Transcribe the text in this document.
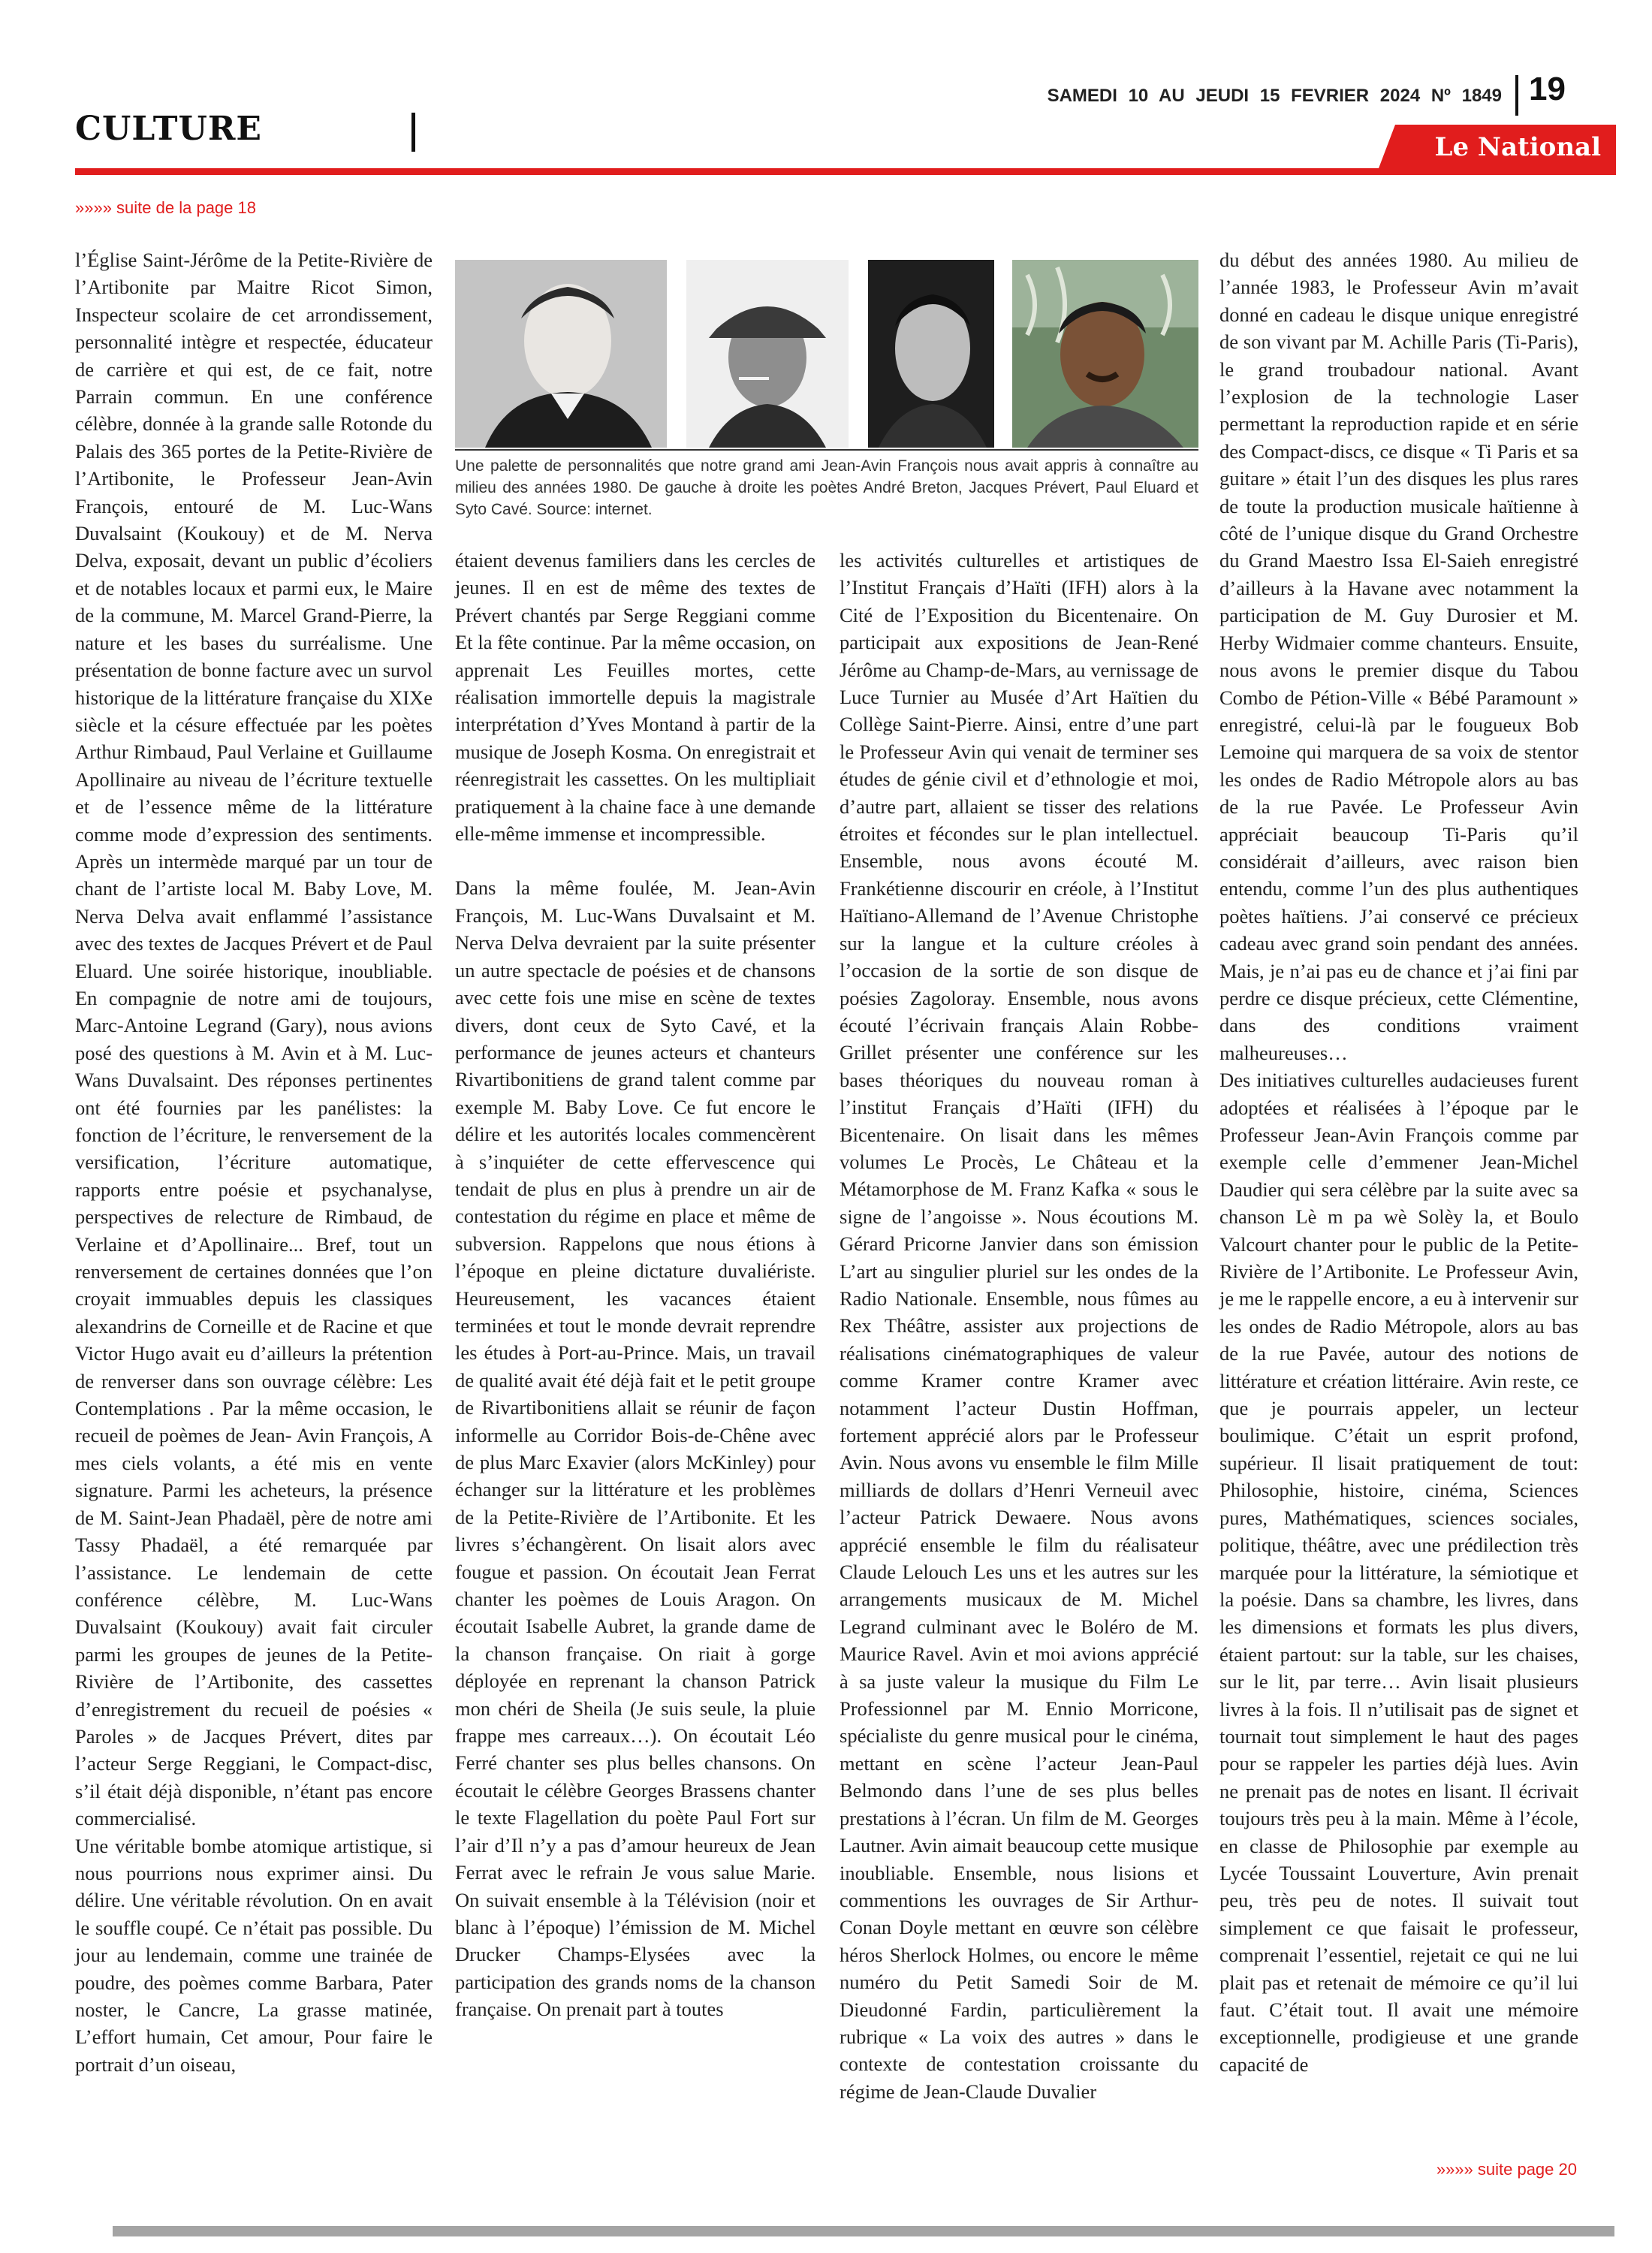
CULTURE
SAMEDI 10 AU JEUDI 15 FEVRIER 2024 Nº 1849 19
Le National
»»»» suite de la page 18

l’Église Saint-Jérôme de la Petite-Rivière de l’Artibonite par Maitre Ricot Simon, Inspecteur scolaire de cet arrondissement, personnalité intègre et respectée, éducateur de carrière et qui est, de ce fait, notre Parrain commun. En une conférence célèbre, donnée à la grande salle Rotonde du Palais des 365 portes de la Petite-Rivière de l’Artibonite, le Professeur Jean-Avin François, entouré de M. Luc-Wans Duvalsaint (Koukouy) et de M. Nerva Delva, exposait, devant un public d’écoliers et de notables locaux et parmi eux, le Maire de la commune, M. Marcel Grand-Pierre, la nature et les bases du surréalisme. Une présentation de bonne facture avec un survol historique de la littérature française du XIXe siècle et la césure effectuée par les poètes Arthur Rimbaud, Paul Verlaine et Guillaume Apollinaire au niveau de l’écriture textuelle et de l’essence même de la littérature comme mode d’expression des sentiments. Après un intermède marqué par un tour de chant de l’artiste local M. Baby Love, M. Nerva Delva avait enflammé l’assistance avec des textes de Jacques Prévert et de Paul Eluard. Une soirée historique, inoubliable. En compagnie de notre ami de toujours, Marc-Antoine Legrand (Gary), nous avions posé des questions à M. Avin et à M. Luc-Wans Duvalsaint. Des réponses pertinentes ont été fournies par les panélistes: la fonction de l’écriture, le renversement de la versification, l’écriture automatique, rapports entre poésie et psychanalyse, perspectives de relecture de Rimbaud, de Verlaine et d’Apollinaire... Bref, tout un renversement de certaines données que l’on croyait immuables depuis les classiques alexandrins de Corneille et de Racine et que Victor Hugo avait eu d’ailleurs la prétention de renverser dans son ouvrage célèbre: Les Contemplations . Par la même occasion, le recueil de poèmes de Jean- Avin François, A mes ciels volants, a été mis en vente signature. Parmi les acheteurs, la présence de M. Saint-Jean Phadaël, père de notre ami Tassy Phadaël, a été remarquée par l’assistance. Le lendemain de cette conférence célèbre, M. Luc-Wans Duvalsaint (Koukouy) avait fait circuler parmi les groupes de jeunes de la Petite-Rivière de l’Artibonite, des cassettes d’enregistrement du recueil de poésies « Paroles » de Jacques Prévert, dites par l’acteur Serge Reggiani, le Compact-disc, s’il était déjà disponible, n’étant pas encore commercialisé.

Une véritable bombe atomique artistique, si nous pourrions nous exprimer ainsi. Du délire. Une véritable révolution. On en avait le souffle coupé. Ce n’était pas possible. Du jour au lendemain, comme une trainée de poudre, des poèmes comme Barbara, Pater noster, le Cancre, La grasse matinée, L’effort humain, Cet amour, Pour faire le portrait d’un oiseau,

Une palette de personnalités que notre grand ami Jean-Avin François nous avait appris à connaître au milieu des années 1980. De gauche à droite les poètes André Breton, Jacques Prévert, Paul Eluard et Syto Cavé. Source: internet.

étaient devenus familiers dans les cercles de jeunes. Il en est de même des textes de Prévert chantés par Serge Reggiani comme Et la fête continue. Par la même occasion, on apprenait Les Feuilles mortes, cette réalisation immortelle depuis la magistrale interprétation d’Yves Montand à partir de la musique de Joseph Kosma. On enregistrait et réenregistrait les cassettes. On les multipliait pratiquement à la chaine face à une demande elle-même immense et incompressible.

Dans la même foulée, M. Jean-Avin François, M. Luc-Wans Duvalsaint et M. Nerva Delva devraient par la suite présenter un autre spectacle de poésies et de chansons avec cette fois une mise en scène de textes divers, dont ceux de Syto Cavé, et la performance de jeunes acteurs et chanteurs Rivartibonitiens de grand talent comme par exemple M. Baby Love. Ce fut encore le délire et les autorités locales commencèrent à s’inquiéter de cette effervescence qui tendait de plus en plus à prendre un air de contestation du régime en place et même de subversion. Rappelons que nous étions à l’époque en pleine dictature duvaliériste. Heureusement, les vacances étaient terminées et tout le monde devrait reprendre les études à Port-au-Prince. Mais, un travail de qualité avait été déjà fait et le petit groupe de Rivartibonitiens allait se réunir de façon informelle au Corridor Bois-de-Chêne avec de plus Marc Exavier (alors McKinley) pour échanger sur la littérature et les problèmes de la Petite-Rivière de l’Artibonite. Et les livres s’échangèrent. On lisait alors avec fougue et passion. On écoutait Jean Ferrat chanter les poèmes de Louis Aragon. On écoutait Isabelle Aubret, la grande dame de la chanson française. On riait à gorge déployée en reprenant la chanson Patrick mon chéri de Sheila (Je suis seule, la pluie frappe mes carreaux…). On écoutait Léo Ferré chanter ses plus belles chansons. On écoutait le célèbre Georges Brassens chanter le texte Flagellation du poète Paul Fort sur l’air d’Il n’y a pas d’amour heureux de Jean Ferrat avec le refrain Je vous salue Marie. On suivait ensemble à la Télévision (noir et blanc à l’époque) l’émission de M. Michel Drucker Champs-Elysées avec la participation des grands noms de la chanson française. On prenait part à toutes

les activités culturelles et artistiques de l’Institut Français d’Haïti (IFH) alors à la Cité de l’Exposition du Bicentenaire. On participait aux expositions de Jean-René Jérôme au Champ-de-Mars, au vernissage de Luce Turnier au Musée d’Art Haïtien du Collège Saint-Pierre. Ainsi, entre d’une part le Professeur Avin qui venait de terminer ses études de génie civil et d’ethnologie et moi, d’autre part, allaient se tisser des relations étroites et fécondes sur le plan intellectuel. Ensemble, nous avons écouté M. Frankétienne discourir en créole, à l’Institut Haïtiano-Allemand de l’Avenue Christophe sur la langue et la culture créoles à l’occasion de la sortie de son disque de poésies Zagoloray. Ensemble, nous avons écouté l’écrivain français Alain Robbe-Grillet présenter une conférence sur les bases théoriques du nouveau roman à l’institut Français d’Haïti (IFH) du Bicentenaire. On lisait dans les mêmes volumes Le Procès, Le Château et la Métamorphose de M. Franz Kafka « sous le signe de l’angoisse ». Nous écoutions M. Gérard Pricorne Janvier dans son émission L’art au singulier pluriel sur les ondes de la Radio Nationale. Ensemble, nous fûmes au Rex Théâtre, assister aux projections de réalisations cinématographiques de valeur comme Kramer contre Kramer avec notamment l’acteur Dustin Hoffman, fortement apprécié alors par le Professeur Avin. Nous avons vu ensemble le film Mille milliards de dollars d’Henri Verneuil avec l’acteur Patrick Dewaere. Nous avons apprécié ensemble le film du réalisateur Claude Lelouch Les uns et les autres sur les arrangements musicaux de M. Michel Legrand culminant avec le Boléro de M. Maurice Ravel. Avin et moi avions apprécié à sa juste valeur la musique du Film Le Professionnel par M. Ennio Morricone, spécialiste du genre musical pour le cinéma, mettant en scène l’acteur Jean-Paul Belmondo dans l’une de ses plus belles prestations à l’écran. Un film de M. Georges Lautner. Avin aimait beaucoup cette musique inoubliable. Ensemble, nous lisions et commentions les ouvrages de Sir Arthur-Conan Doyle mettant en œuvre son célèbre héros Sherlock Holmes, ou encore le même numéro du Petit Samedi Soir de M. Dieudonné Fardin, particulièrement la rubrique « La voix des autres » dans le contexte de contestation croissante du régime de Jean-Claude Duvalier

du début des années 1980. Au milieu de l’année 1983, le Professeur Avin m’avait donné en cadeau le disque unique enregistré de son vivant par M. Achille Paris (Ti-Paris), le grand troubadour national. Avant l’explosion de la technologie Laser permettant la reproduction rapide et en série des Compact-discs, ce disque « Ti Paris et sa guitare » était l’un des disques les plus rares de toute la production musicale haïtienne à côté de l’unique disque du Grand Orchestre du Grand Maestro Issa El-Saieh enregistré d’ailleurs à la Havane avec notamment la participation de M. Guy Durosier et M. Herby Widmaier comme chanteurs. Ensuite, nous avons le premier disque du Tabou Combo de Pétion-Ville « Bébé Paramount » enregistré, celui-là par le fougueux Bob Lemoine qui marquera de sa voix de stentor les ondes de Radio Métropole alors au bas de la rue Pavée. Le Professeur Avin appréciait beaucoup Ti-Paris qu’il considérait d’ailleurs, avec raison bien entendu, comme l’un des plus authentiques poètes haïtiens. J’ai conservé ce précieux cadeau avec grand soin pendant des années. Mais, je n’ai pas eu de chance et j’ai fini par perdre ce disque précieux, cette Clémentine, dans des conditions vraiment malheureuses…

Des initiatives culturelles audacieuses furent adoptées et réalisées à l’époque par le Professeur Jean-Avin François comme par exemple celle d’emmener Jean-Michel Daudier qui sera célèbre par la suite avec sa chanson Lè m pa wè Solèy la, et Boulo Valcourt chanter pour le public de la Petite-Rivière de l’Artibonite. Le Professeur Avin, je me le rappelle encore, a eu à intervenir sur les ondes de Radio Métropole, alors au bas de la rue Pavée, autour des notions de littérature et création littéraire. Avin reste, ce que je pourrais appeler, un lecteur boulimique. C’était un esprit profond, supérieur. Il lisait pratiquement de tout: Philosophie, histoire, cinéma, Sciences pures, Mathématiques, sciences sociales, politique, théâtre, avec une prédilection très marquée pour la littérature, la sémiotique et la poésie. Dans sa chambre, les livres, dans les dimensions et formats les plus divers, étaient partout: sur la table, sur les chaises, sur le lit, par terre… Avin lisait plusieurs livres à la fois. Il n’utilisait pas de signet et tournait tout simplement le haut des pages pour se rappeler les parties déjà lues. Avin ne prenait pas de notes en lisant. Il écrivait toujours très peu à la main. Même à l’école, en classe de Philosophie par exemple au Lycée Toussaint Louverture, Avin prenait peu, très peu de notes. Il suivait tout simplement ce que faisait le professeur, comprenait l’essentiel, rejetait ce qui ne lui plait pas et retenait de mémoire ce qu’il lui faut. C’était tout. Il avait une mémoire exceptionnelle, prodigieuse et une grande capacité de

»»»» suite page 20
